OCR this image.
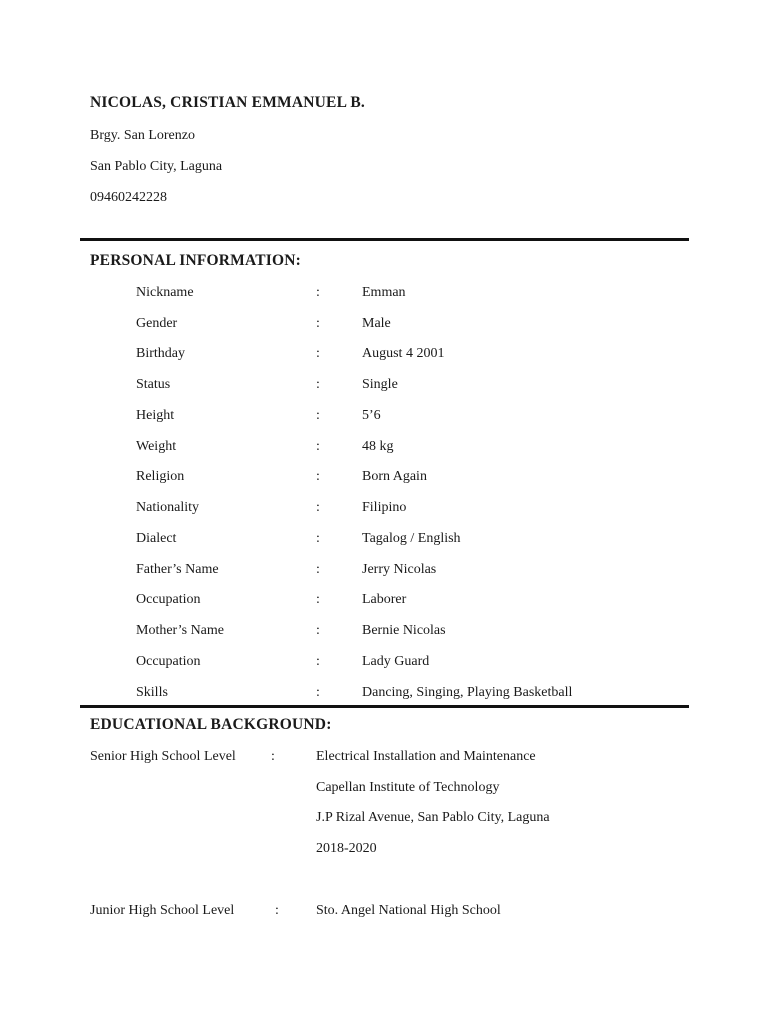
NICOLAS, CRISTIAN EMMANUEL B.
Brgy. San Lorenzo
San Pablo City, Laguna
09460242228
PERSONAL INFORMATION:
Nickname	:	Emman
Gender	:	Male
Birthday	:	August 4 2001
Status	:	Single
Height	:	5’6
Weight	:	48 kg
Religion	:	Born Again
Nationality	:	Filipino
Dialect	:	Tagalog / English
Father’s Name	:	Jerry Nicolas
Occupation	:	Laborer
Mother’s Name	:	Bernie Nicolas
Occupation	:	Lady Guard
Skills	:	Dancing, Singing, Playing Basketball
EDUCATIONAL BACKGROUND:
Senior High School Level	:	Electrical Installation and Maintenance
Capellan Institute of Technology
J.P Rizal Avenue, San Pablo City, Laguna
2018-2020
Junior High School Level	:	Sto. Angel National High School
